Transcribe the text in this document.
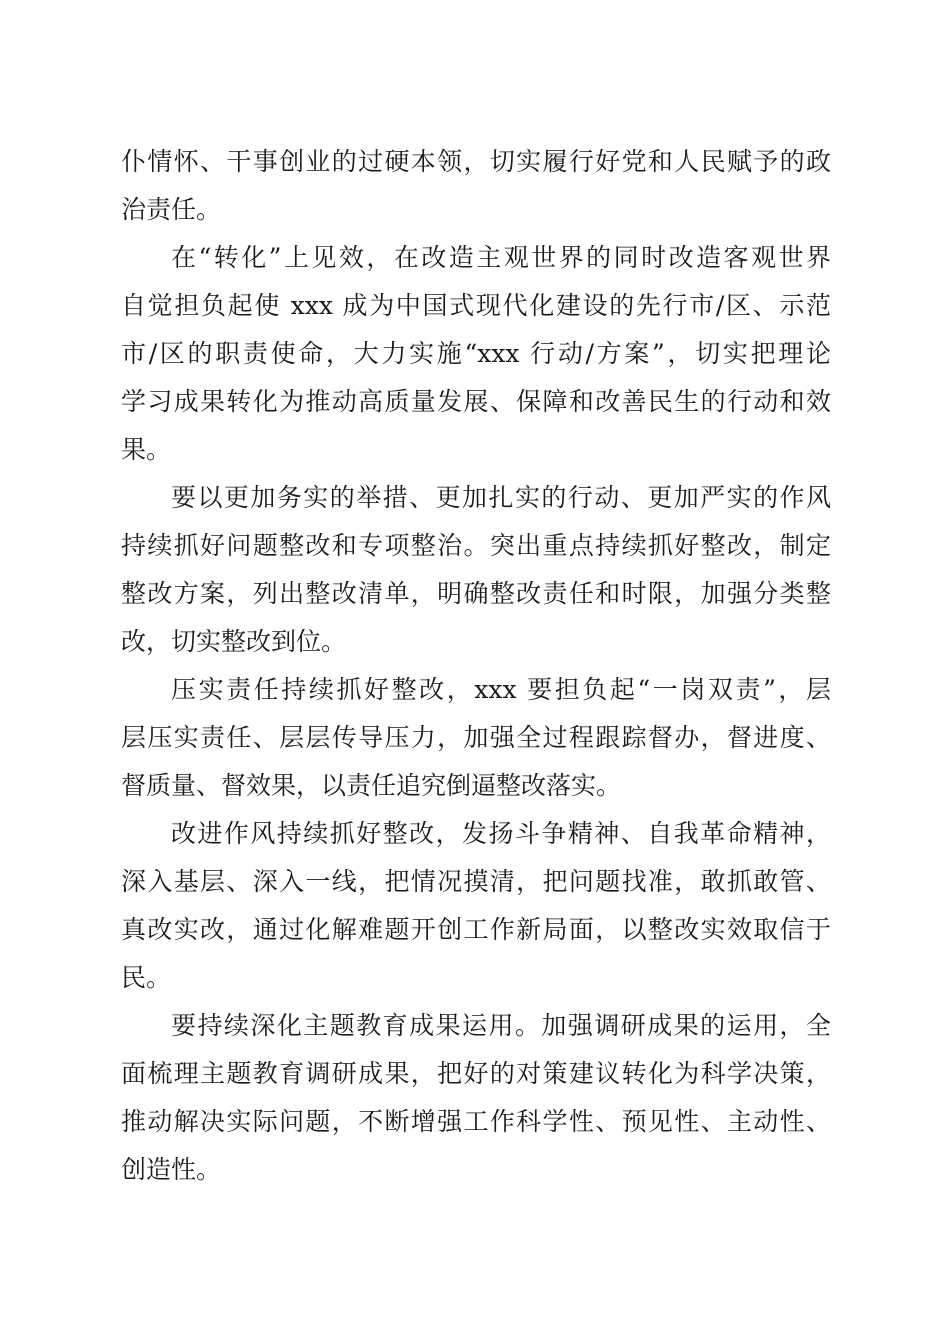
仆情怀、干事创业的过硬本领，切实履行好党和人民赋予的政
治责任。
在“转化”上见效，在改造主观世界的同时改造客观世界
自觉担负起使 xxx 成为中国式现代化建设的先行市/区、示范
市/区的职责使命，大力实施“xxx 行动/方案”，切实把理论
学习成果转化为推动高质量发展、保障和改善民生的行动和效
果。
要以更加务实的举措、更加扎实的行动、更加严实的作风
持续抓好问题整改和专项整治。突出重点持续抓好整改，制定
整改方案，列出整改清单，明确整改责任和时限，加强分类整
改，切实整改到位。
压实责任持续抓好整改，xxx 要担负起“一岗双责”，层
层压实责任、层层传导压力，加强全过程跟踪督办，督进度、
督质量、督效果，以责任追究倒逼整改落实。
改进作风持续抓好整改，发扬斗争精神、自我革命精神，
深入基层、深入一线，把情况摸清，把问题找准，敢抓敢管、
真改实改，通过化解难题开创工作新局面，以整改实效取信于
民。
要持续深化主题教育成果运用。加强调研成果的运用，全
面梳理主题教育调研成果，把好的对策建议转化为科学决策，
推动解决实际问题，不断增强工作科学性、预见性、主动性、
创造性。
